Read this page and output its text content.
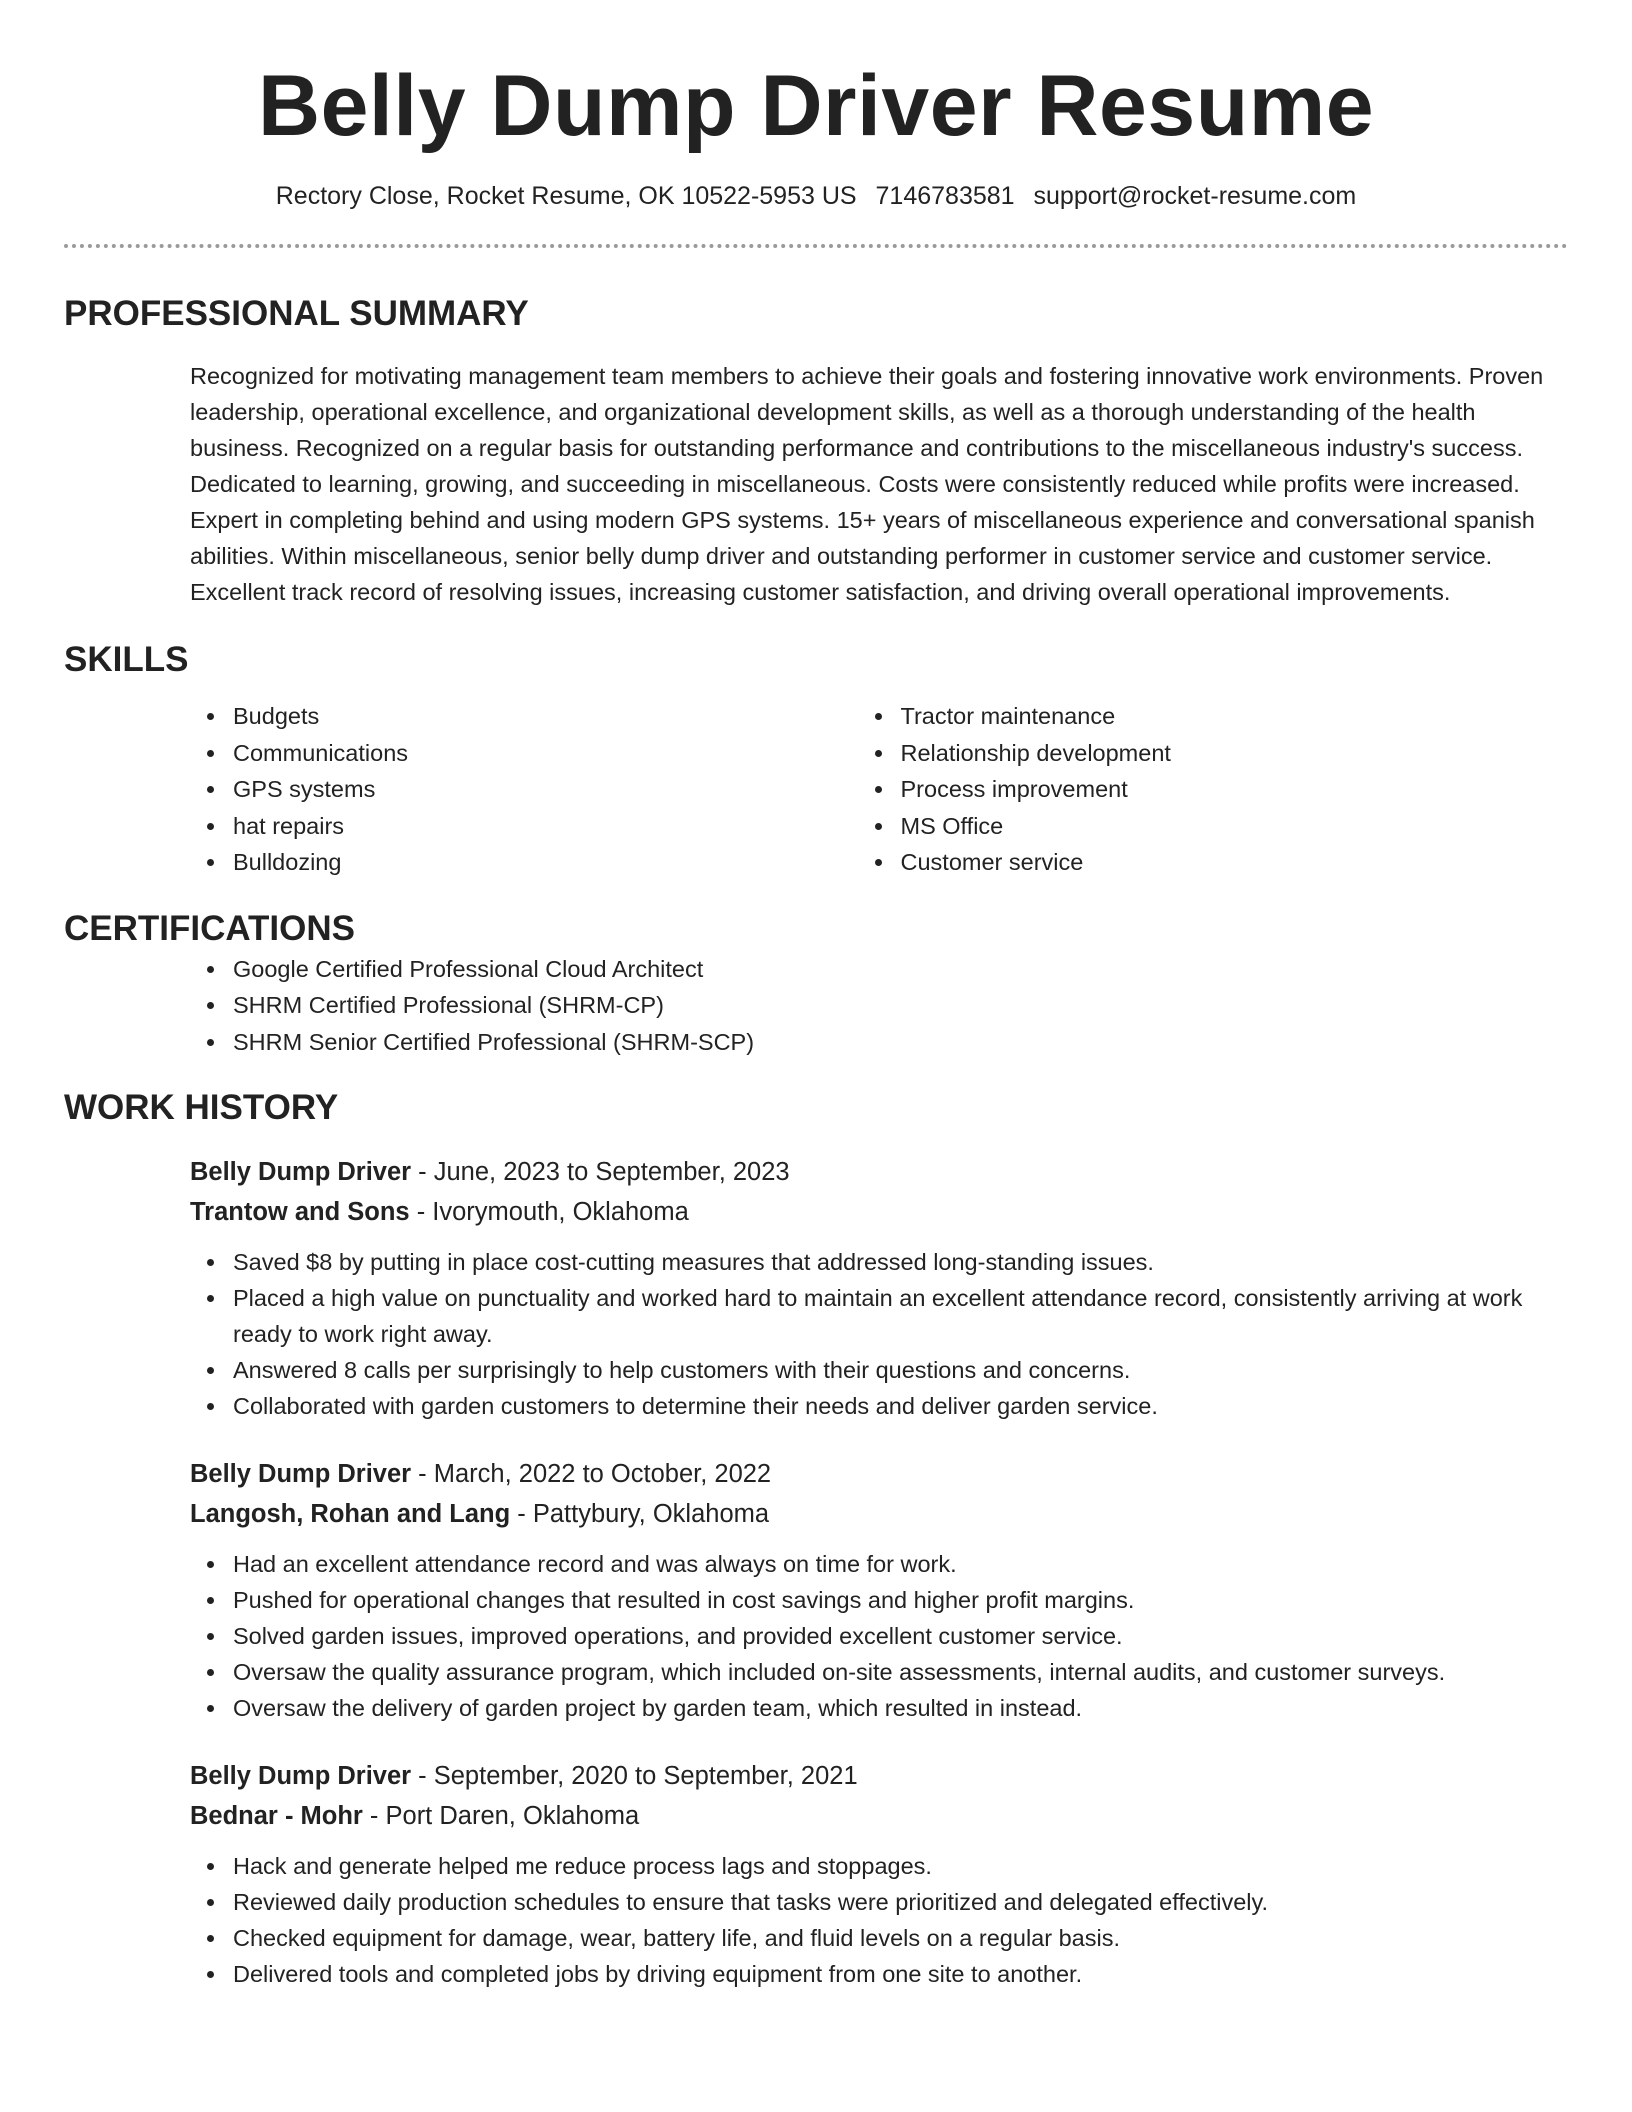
Belly Dump Driver Resume
Rectory Close, Rocket Resume, OK 10522-5953 US 7146783581 support@rocket-resume.com
PROFESSIONAL SUMMARY

Recognized for motivating management team members to achieve their goals and fostering innovative work environments. Proven leadership, operational excellence, and organizational development skills, as well as a thorough understanding of the health business. Recognized on a regular basis for outstanding performance and contributions to the miscellaneous industry's success. Dedicated to learning, growing, and succeeding in miscellaneous. Costs were consistently reduced while profits were increased. Expert in completing behind and using modern GPS systems. 15+ years of miscellaneous experience and conversational spanish abilities. Within miscellaneous, senior belly dump driver and outstanding performer in customer service and customer service. Excellent track record of resolving issues, increasing customer satisfaction, and driving overall operational improvements.

SKILLS
Budgets
Communications
GPS systems
hat repairs
Bulldozing
Tractor maintenance
Relationship development
Process improvement
MS Office
Customer service
CERTIFICATIONS
Google Certified Professional Cloud Architect
SHRM Certified Professional (SHRM-CP)
SHRM Senior Certified Professional (SHRM-SCP)
WORK HISTORY
Belly Dump Driver - June, 2023 to September, 2023
Trantow and Sons - Ivorymouth, Oklahoma
Saved $8 by putting in place cost-cutting measures that addressed long-standing issues.
Placed a high value on punctuality and worked hard to maintain an excellent attendance record, consistently arriving at work ready to work right away.
Answered 8 calls per surprisingly to help customers with their questions and concerns.
Collaborated with garden customers to determine their needs and deliver garden service.
Belly Dump Driver - March, 2022 to October, 2022
Langosh, Rohan and Lang - Pattybury, Oklahoma
Had an excellent attendance record and was always on time for work.
Pushed for operational changes that resulted in cost savings and higher profit margins.
Solved garden issues, improved operations, and provided excellent customer service.
Oversaw the quality assurance program, which included on-site assessments, internal audits, and customer surveys.
Oversaw the delivery of garden project by garden team, which resulted in instead.
Belly Dump Driver - September, 2020 to September, 2021
Bednar - Mohr - Port Daren, Oklahoma
Hack and generate helped me reduce process lags and stoppages.
Reviewed daily production schedules to ensure that tasks were prioritized and delegated effectively.
Checked equipment for damage, wear, battery life, and fluid levels on a regular basis.
Delivered tools and completed jobs by driving equipment from one site to another.
